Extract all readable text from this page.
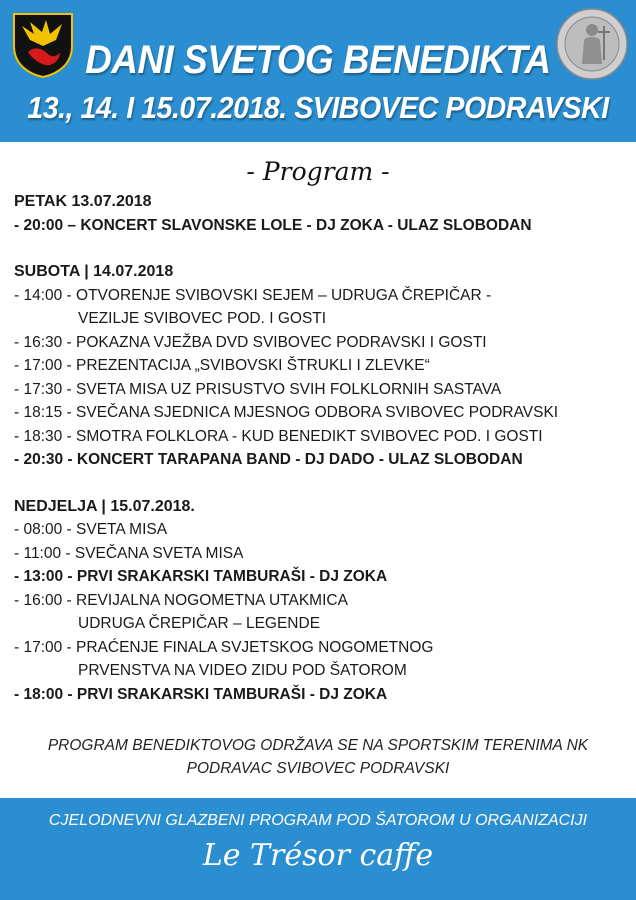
DANI SVETOG BENEDIKTA
13., 14. I 15.07.2018. SVIBOVEC PODRAVSKI
- Program -
PETAK 13.07.2018
- 20:00 – KONCERT SLAVONSKE LOLE - DJ ZOKA - ULAZ SLOBODAN
SUBOTA | 14.07.2018
- 14:00 - OTVORENJE SVIBOVSKI SEJEM – UDRUGA ČREPIČAR -
VEZILJE SVIBOVEC POD. I GOSTI
- 16:30 - POKAZNA VJEŽBA DVD SVIBOVEC PODRAVSKI I GOSTI
- 17:00 - PREZENTACIJA „SVIBOVSKI ŠTRUKLI I ZLEVKE“
- 17:30 - SVETA MISA UZ PRISUSTVO SVIH FOLKLORNIH SASTAVA
- 18:15 - SVEČANA SJEDNICA MJESNOG ODBORA SVIBOVEC PODRAVSKI
- 18:30 - SMOTRA FOLKLORA - KUD BENEDIKT SVIBOVEC POD. I GOSTI
- 20:30 - KONCERT TARAPANA BAND - DJ DADO - ULAZ SLOBODAN
NEDJELJA | 15.07.2018.
- 08:00 - SVETA MISA
- 11:00 - SVEČANA SVETA MISA
- 13:00 - PRVI SRAKARSKI TAMBURAŠI - DJ ZOKA
- 16:00 - REVIJALNA NOGOMETNA UTAKMICA
UDRUGA ČREPIČAR – LEGENDE
- 17:00 - PRAĆENJE FINALA SVJETSKOG NOGOMETNOG
PRVENSTVA NA VIDEO ZIDU POD ŠATOROM
- 18:00 - PRVI SRAKARSKI TAMBURAŠI - DJ ZOKA
PROGRAM BENEDIKTOVOG ODRŽAVA SE NA SPORTSKIM TERENIMA NK
PODRAVAC SVIBOVEC PODRAVSKI
CJELODNEVNI GLAZBENI PROGRAM POD ŠATOROM U ORGANIZACIJI
Le Trésor caffe
